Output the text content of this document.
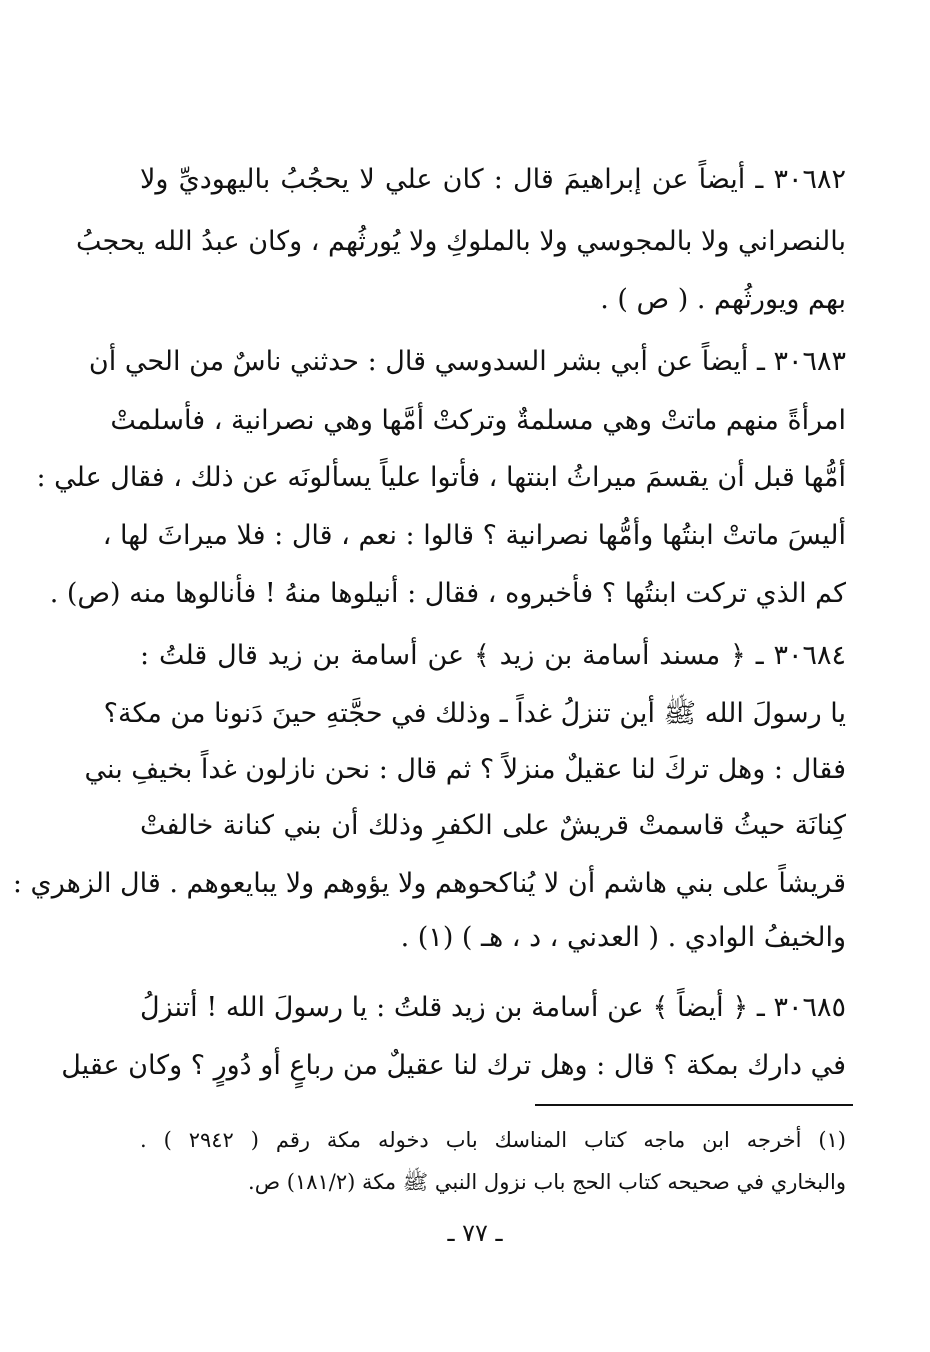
٣٠٦٨٢ ـ أيضاً عن إبراهيمَ قال : كان علي لا يحجُبُ باليهوديِّ ولا
بالنصراني ولا بالمجوسي ولا بالملوكِ ولا يُورثُهم ، وكان عبدُ الله يحجبُ
بهم ويورثُهم . ( ص ) .
٣٠٦٨٣ ـ أيضاً عن أبي بشر السدوسي قال : حدثني ناسٌ من الحي أن
امرأةً منهم ماتتْ وهي مسلمةٌ وتركتْ أمَّها وهي نصرانية ، فأسلمتْ
أمُّها قبل أن يقسمَ ميراثُ ابنتها ، فأتوا علياً يسألونَه عن ذلك ، فقال علي :
أليسَ ماتتْ ابنتُها وأمُّها نصرانية ؟ قالوا : نعم ، قال : فلا ميراثَ لها ،
كم الذي تركت ابنتُها ؟ فأخبروه ، فقال : أنيلوها منهُ ! فأنالوها منه (ص) .
٣٠٦٨٤ ـ ﴿ مسند أسامة بن زيد ﴾ عن أسامة بن زيد قال قلتُ :
يا رسولَ الله ﷺ أين تنزلُ غداً ـ وذلك في حجَّتهِ حينَ دَنونا من مكة؟
فقال : وهل تركَ لنا عقيلٌ منزلاً ؟ ثم قال : نحن نازلون غداً بخيفِ بني
كِنانَة حيثُ قاسمتْ قريشٌ على الكفرِ وذلك أن بني كنانة خالفتْ
قريشاً على بني هاشم أن لا يُناكحوهم ولا يؤوهم ولا يبايعوهم . قال الزهري :
والخيفُ الوادي . ( العدني ، د ، هـ ) (١) .
٣٠٦٨٥ ـ ﴿ أيضاً ﴾ عن أسامة بن زيد قلتُ : يا رسولَ الله ! أتنزلُ
في دارك بمكة ؟ قال : وهل ترك لنا عقيلٌ من رباعٍ أو دُورٍ ؟ وكان عقيل
(١) أخرجه ابن ماجه كتاب المناسك باب دخوله مكة رقم ( ٢٩٤٢ ) .
والبخاري في صحيحه كتاب الحج باب نزول النبي ﷺ مكة (١٨١/٢) ص.
ـ ٧٧ ـ
